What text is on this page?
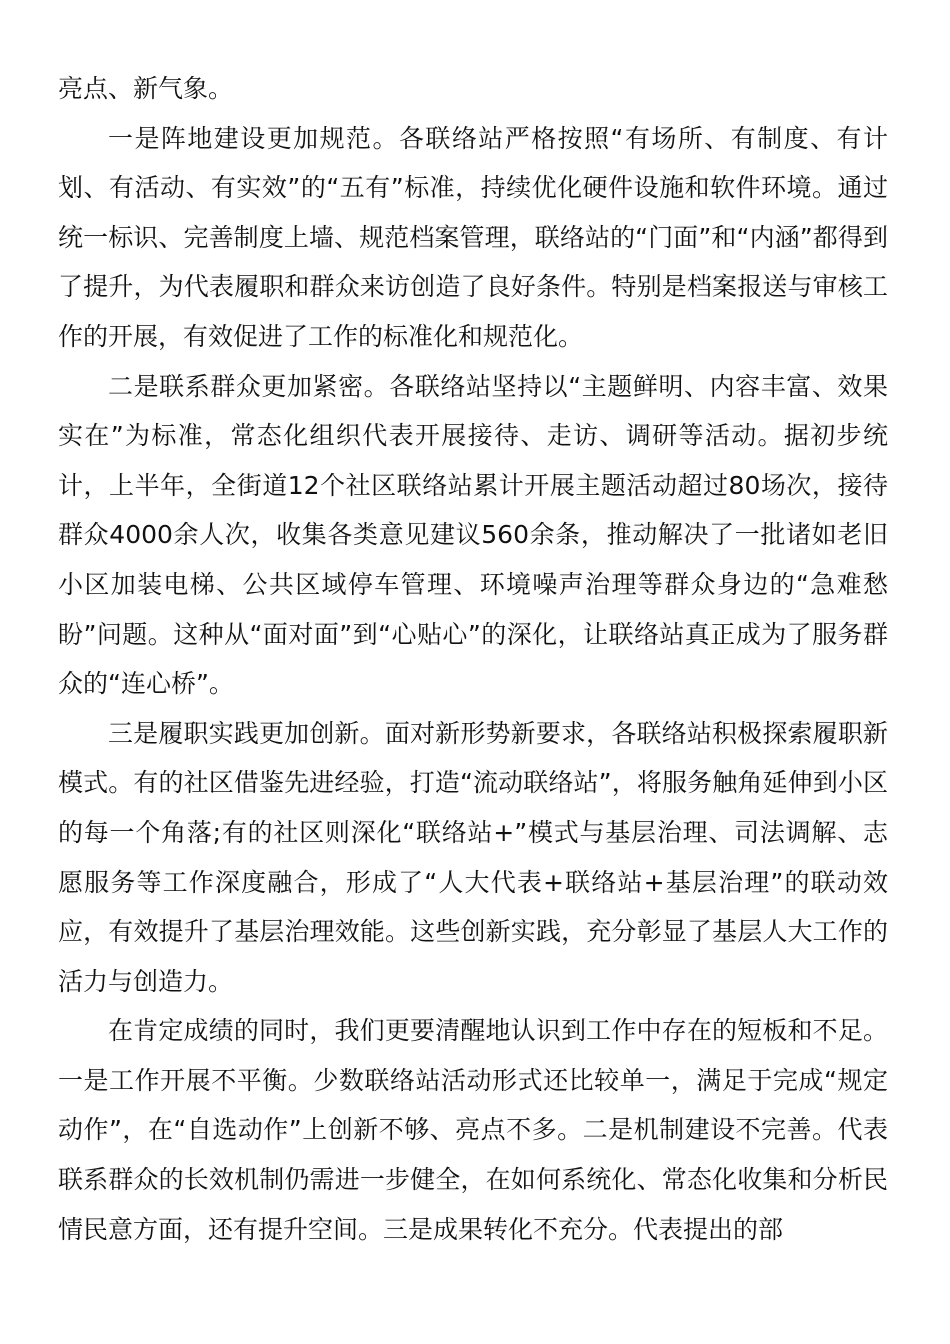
亮点、新气象。

一是阵地建设更加规范。各联络站严格按照“有场所、有制度、有计划、有活动、有实效”的“五有”标准，持续优化硬件设施和软件环境。通过统一标识、完善制度上墙、规范档案管理，联络站的“门面”和“内涵”都得到了提升，为代表履职和群众来访创造了良好条件。特别是档案报送与审核工作的开展，有效促进了工作的标准化和规范化。

二是联系群众更加紧密。各联络站坚持以“主题鲜明、内容丰富、效果实在”为标准，常态化组织代表开展接待、走访、调研等活动。据初步统计，上半年，全街道12个社区联络站累计开展主题活动超过80场次，接待群众4000余人次，收集各类意见建议560余条，推动解决了一批诸如老旧小区加装电梯、公共区域停车管理、环境噪声治理等群众身边的“急难愁盼”问题。这种从“面对面”到“心贴心”的深化，让联络站真正成为了服务群众的“连心桥”。

三是履职实践更加创新。面对新形势新要求，各联络站积极探索履职新模式。有的社区借鉴先进经验，打造“流动联络站”，将服务触角延伸到小区的每一个角落;有的社区则深化“联络站+”模式与基层治理、司法调解、志愿服务等工作深度融合，形成了“人大代表+联络站+基层治理”的联动效应，有效提升了基层治理效能。这些创新实践，充分彰显了基层人大工作的活力与创造力。

在肯定成绩的同时，我们更要清醒地认识到工作中存在的短板和不足。一是工作开展不平衡。少数联络站活动形式还比较单一，满足于完成“规定动作”，在“自选动作”上创新不够、亮点不多。二是机制建设不完善。代表联系群众的长效机制仍需进一步健全，在如何系统化、常态化收集和分析民情民意方面，还有提升空间。三是成果转化不充分。代表提出的部
